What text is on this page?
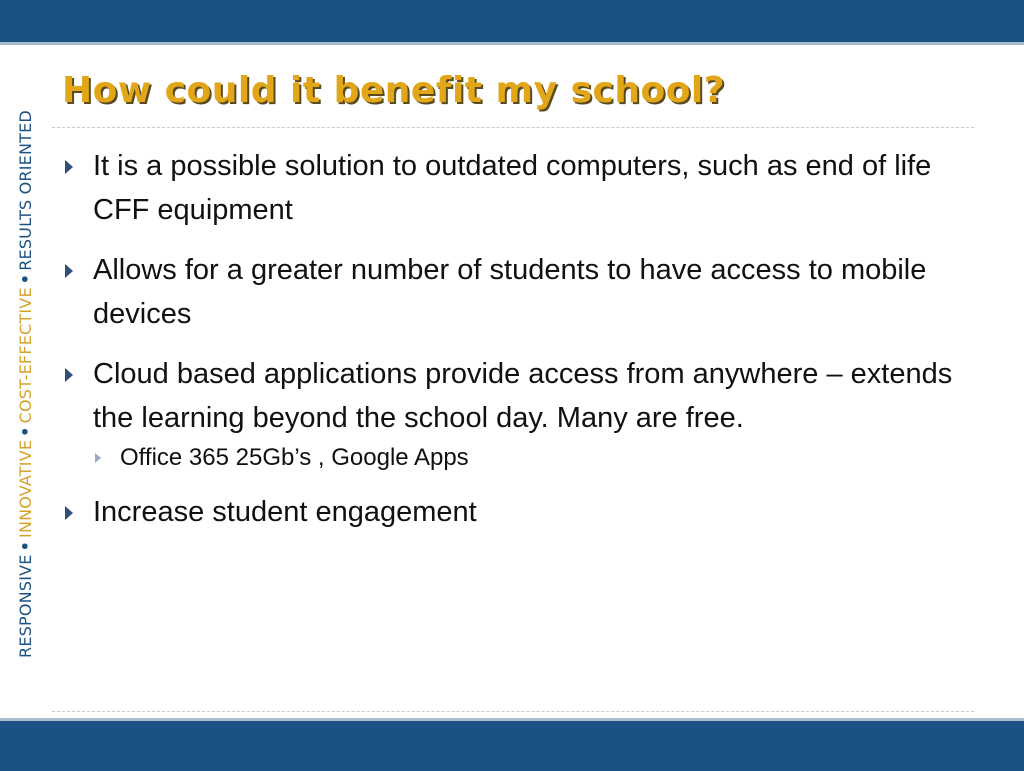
RESPONSIVE•INNOVATIVE•COST-EFFECTIVE•RESULTS ORIENTED
How could it benefit my school?
It is a possible solution to outdated computers, such as end of life CFF equipment
Allows for a greater number of students to have access to mobile devices
Cloud based applications provide access from anywhere – extends the learning beyond the school day. Many are free.
Office 365 25Gb’s , Google Apps
Increase student engagement
